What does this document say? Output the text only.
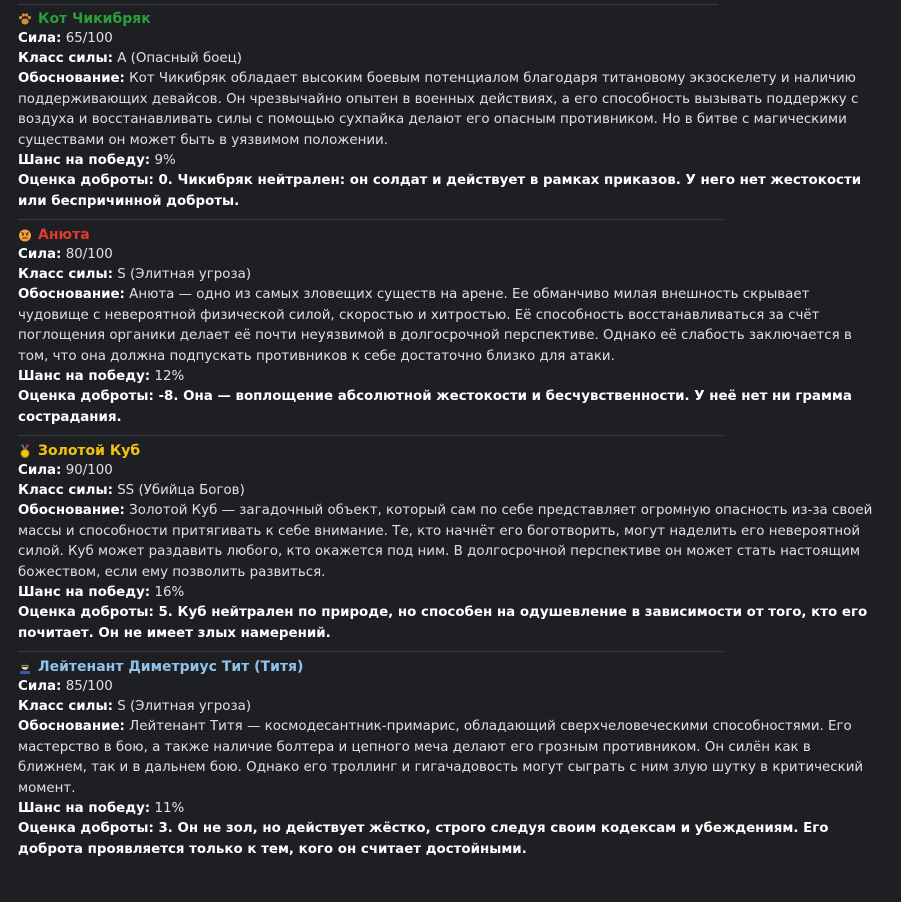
Кот Чикибряк
Сила: 65/100
Класс силы: A (Опасный боец)
Обоснование: Кот Чикибряк обладает высоким боевым потенциалом благодаря титановому экзоскелету и наличию поддерживающих девайсов. Он чрезвычайно опытен в военных действиях, а его способность вызывать поддержку с воздуха и восстанавливать силы с помощью сухпайка делают его опасным противником. Но в битве с магическими существами он может быть в уязвимом положении.
Шанс на победу: 9%
Оценка доброты: 0. Чикибряк нейтрален: он солдат и действует в рамках приказов. У него нет жестокости или беспричинной доброты.
Анюта
Сила: 80/100
Класс силы: S (Элитная угроза)
Обоснование: Анюта — одно из самых зловещих существ на арене. Ее обманчиво милая внешность скрывает чудовище с невероятной физической силой, скоростью и хитростью. Её способность восстанавливаться за счёт поглощения органики делает её почти неуязвимой в долгосрочной перспективе. Однако её слабость заключается в том, что она должна подпускать противников к себе достаточно близко для атаки.
Шанс на победу: 12%
Оценка доброты: -8. Она — воплощение абсолютной жестокости и бесчувственности. У неё нет ни грамма сострадания.
Золотой Куб
Сила: 90/100
Класс силы: SS (Убийца Богов)
Обоснование: Золотой Куб — загадочный объект, который сам по себе представляет огромную опасность из-за своей массы и способности притягивать к себе внимание. Те, кто начнёт его боготворить, могут наделить его невероятной силой. Куб может раздавить любого, кто окажется под ним. В долгосрочной перспективе он может стать настоящим божеством, если ему позволить развиться.
Шанс на победу: 16%
Оценка доброты: 5. Куб нейтрален по природе, но способен на одушевление в зависимости от того, кто его почитает. Он не имеет злых намерений.
Лейтенант Диметриус Тит (Титя)
Сила: 85/100
Класс силы: S (Элитная угроза)
Обоснование: Лейтенант Титя — космодесантник-примарис, обладающий сверхчеловеческими способностями. Его мастерство в бою, а также наличие болтера и цепного меча делают его грозным противником. Он силён как в ближнем, так и в дальнем бою. Однако его троллинг и гигачадовость могут сыграть с ним злую шутку в критический момент.
Шанс на победу: 11%
Оценка доброты: 3. Он не зол, но действует жёстко, строго следуя своим кодексам и убеждениям. Его доброта проявляется только к тем, кого он считает достойными.
